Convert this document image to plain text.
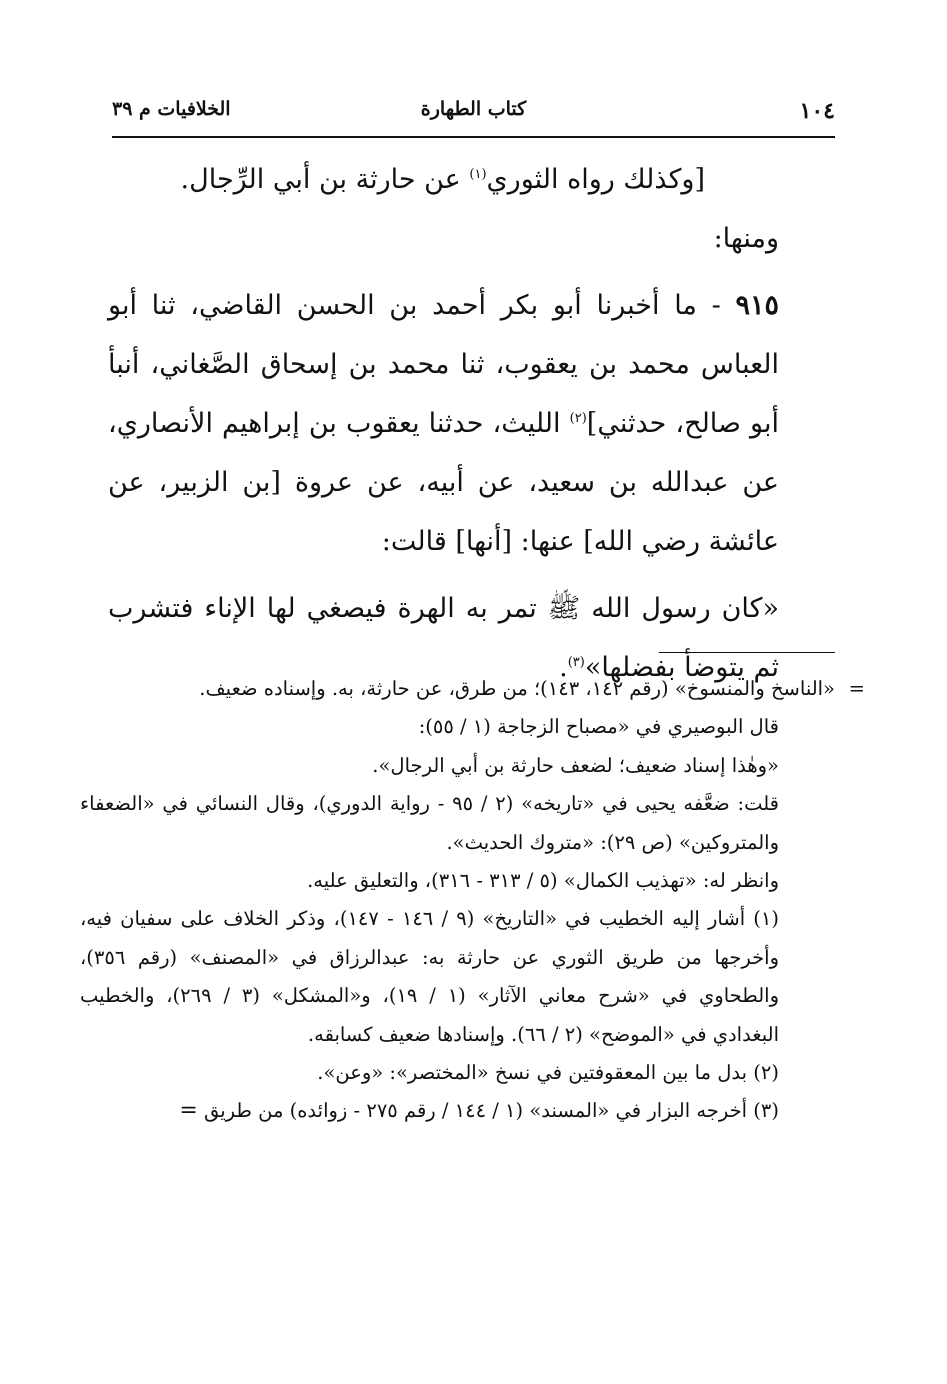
١٠٤
كتاب الطهارة
الخلافيات م ٣٩

[وكذلك رواه الثوري$^{(١)}$ عن حارثة بن أبي الرِّجال.

ومنها:

٩١٥ - ما أخبرنا أبو بكر أحمد بن الحسن القاضي، ثنا أبو العباس محمد بن يعقوب، ثنا محمد بن إسحاق الصَّغاني، أنبأ أبو صالح، حدثني]$^{(٢)}$ الليث، حدثنا يعقوب بن إبراهيم الأنصاري، عن عبدالله بن سعيد، عن أبيه، عن عروة [بن الزبير، عن عائشة رضي الله] عنها: [أنها] قالت:

«كان رسول الله ﷺ تمر به الهرة فيصغي لها الإناء فتشرب ثم يتوضأ بفضلها»$^{(٣)}$.

=
«الناسخ والمنسوخ» (رقم ١٤٢، ١٤٣)؛ من طرق، عن حارثة، به. وإسناده ضعيف.

قال البوصيري في «مصباح الزجاجة (١ / ٥٥):

«وهٰذا إسناد ضعيف؛ لضعف حارثة بن أبي الرجال».

قلت: ضعَّفه يحيى في «تاريخه» (٢ / ٩٥ - رواية الدوري)، وقال النسائي في «الضعفاء والمتروكين» (ص ٢٩): «متروك الحديث».

وانظر له: «تهذيب الكمال» (٥ / ٣١٣ - ٣١٦)، والتعليق عليه.

(١) أشار إليه الخطيب في «التاريخ» (٩ / ١٤٦ - ١٤٧)، وذكر الخلاف على سفيان فيه، وأخرجها من طريق الثوري عن حارثة به: عبدالرزاق في «المصنف» (رقم ٣٥٦)، والطحاوي في «شرح معاني الآثار» (١ / ١٩)، و«المشكل» (٣ / ٢٦٩)، والخطيب البغدادي في «الموضح» (٢ / ٦٦). وإسنادها ضعيف كسابقه.

(٢) بدل ما بين المعقوفتين في نسخ «المختصر»: «وعن».

(٣) أخرجه البزار في «المسند» (١ / ١٤٤ / رقم ٢٧٥ - زوائده) من طريق =
